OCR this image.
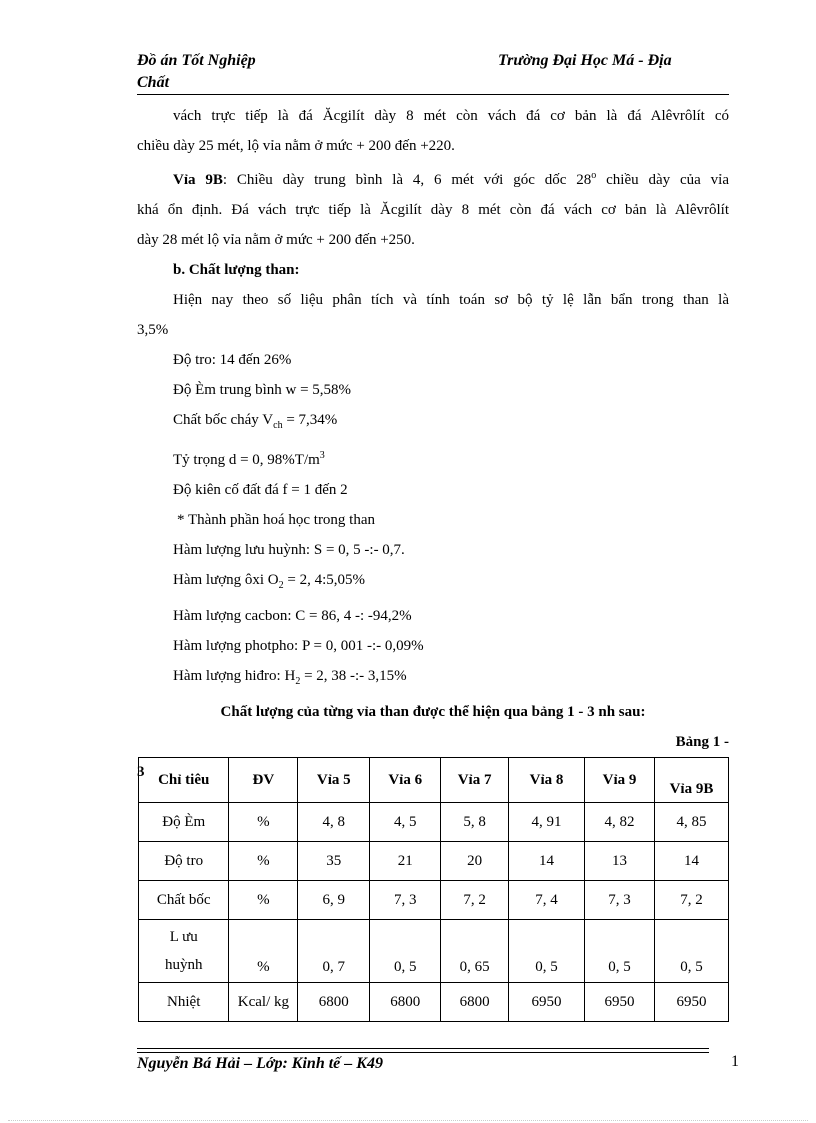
Đồ án Tốt Nghiệp
Chất
Trường Đại Học Má - Địa

vách trực tiếp là đá Ăcgilít dày 8 mét còn vách đá cơ bản là đá Alêvrôlít có

chiều dày 25 mét, lộ vỉa nằm ở mức + 200 đến +220.

Vỉa 9B: Chiều dày trung bình là 4, 6 mét với góc dốc 28$^o$ chiều dày của vỉa

khá ổn định. Đá vách trực tiếp là Ăcgilít dày 8 mét còn đá vách cơ bản là Alêvrôlít

dày 28 mét lộ vỉa nằm ở mức + 200 đến +250.

b. Chất lượng than:

Hiện nay theo số liệu phân tích và tính toán sơ bộ tỷ lệ lẫn bẩn trong than là

3,5%

Độ tro: 14 đến 26%

Độ Èm trung bình w = 5,58%

Chất bốc cháy $V_{ch} = 7,34\%$

Tỷ trọng d = 0, $98\%T/m^3$

Độ kiên cố đất đá f = 1 đến 2

* Thành phần hoá học trong than

Hàm lượng lưu huỳnh: S = 0, 5 -:- 0,7.

Hàm lượng ôxi $O_2 = 2$, 4:5,05%

Hàm lượng cacbon: C = 86, 4 -: -94,2%

Hàm lượng photpho: P = 0, 001 -:- 0,09%

Hàm lượng hiđro: $H_2 = 2$, 38 -:- 3,15%

Chất lượng của từng vỉa than được thể hiện qua bảng 1 - 3 nh sau:

Bảng 1 -

3 Chỉ tiêu	ĐV	Vỉa 5	Vỉa 6	Vỉa 7	Vỉa 8	Vỉa 9	Vỉa 9B
Độ Èm	%	4, 8	4, 5	5, 8	4, 91	4, 82	4, 85
Độ tro	%	35	21	20	14	13	14
Chất bốc	%	6, 9	7, 3	7, 2	7, 4	7, 3	7, 2

L ưu
huỳnh	%	0, 7	0, 5	0, 65	0, 5	0, 5	0, 5
Nhiệt	Kcal/ kg	6800	6800	6800	6950	6950	6950
Nguyễn Bá Hải – Lớp: Kinh tế – K49	1
